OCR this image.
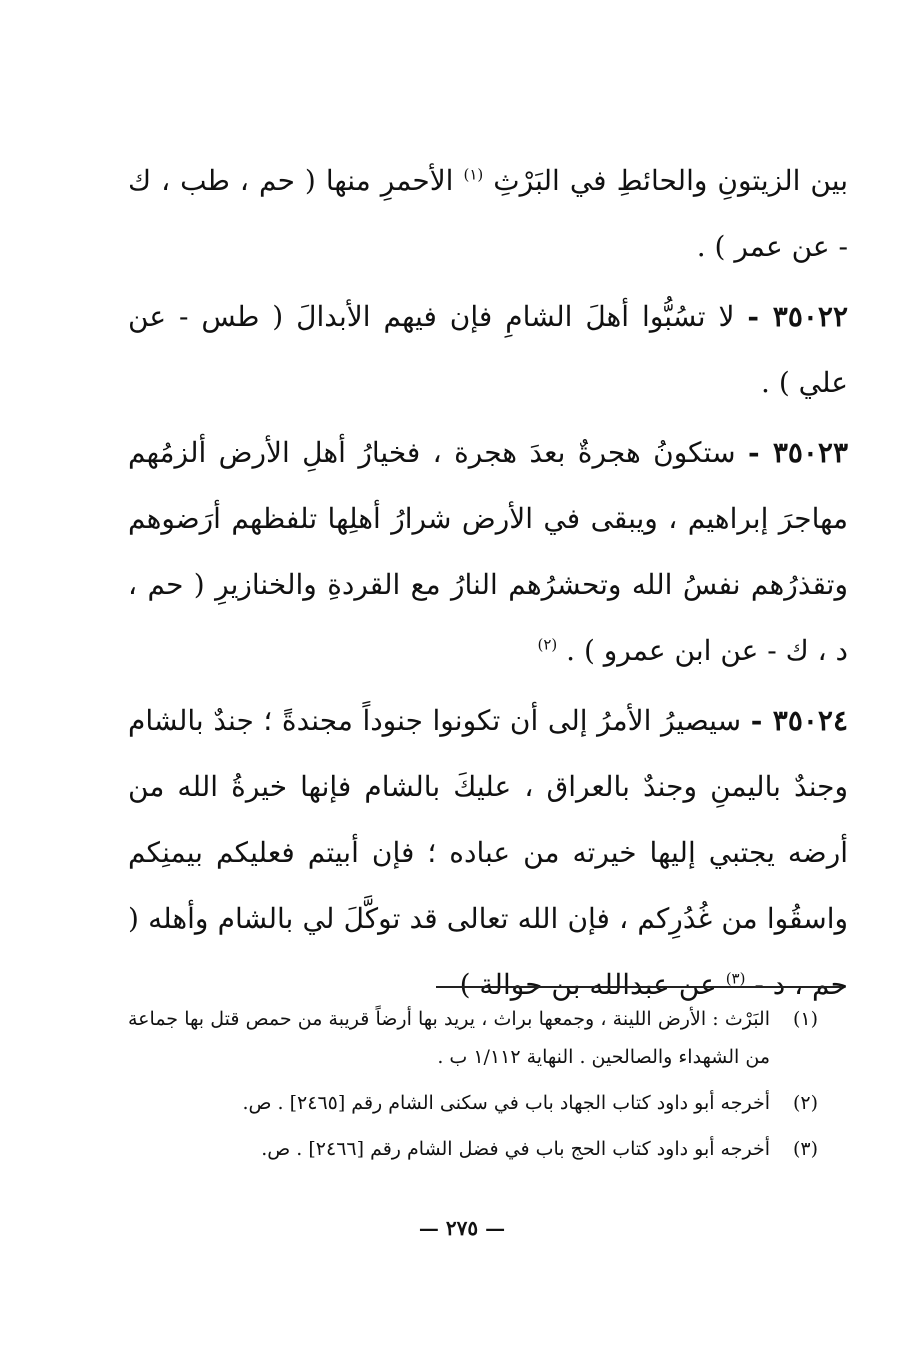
بين الزيتونِ والحائطِ في البَرْثِ $^{(١)}$ الأحمرِ منها ( حم ، طب ، ك - عن عمر ) .

٣٥٠٢٢ - لا تسُبُّوا أهلَ الشامِ فإن فيهم الأبدالَ ( طس - عن علي ) .

٣٥٠٢٣ - ستكونُ هجرةٌ بعدَ هجرة ، فخيارُ أهلِ الأرض ألزمُهم مهاجرَ إبراهيم ، ويبقى في الأرض شرارُ أهلِها تلفظهم أرَضوهم وتقذرُهم نفسُ الله وتحشرُهم النارُ مع القردةِ والخنازيرِ ( حم ، د ، ك - عن ابن عمرو ) . $^{(٢)}$

٣٥٠٢٤ - سيصيرُ الأمرُ إلى أن تكونوا جنوداً مجندةً ؛ جندٌ بالشام وجندٌ باليمنِ وجندٌ بالعراق ، عليكَ بالشام فإنها خيرةُ الله من أرضه يجتبي إليها خيرته من عباده ؛ فإن أبيتم فعليكم بيمنِكم واسقُوا من غُدُرِكم ، فإن الله تعالى قد توكَّلَ لي بالشام وأهله ( حم ، د - $^{(٣)}$ عن عبدالله بن حوالة )

(١)
البَرْث : الأرض اللينة ، وجمعها براث ، يريد بها أرضاً قريبة من حمص قتل بها جماعة من الشهداء والصالحين . النهاية ١/١١٢ ب .
(٢)
أخرجه أبو داود كتاب الجهاد باب في سكنى الشام رقم [٢٤٦٥] . ص.
(٣)
أخرجه أبو داود كتاب الحج باب في فضل الشام رقم [٢٤٦٦] . ص.
— ٢٧٥ —
